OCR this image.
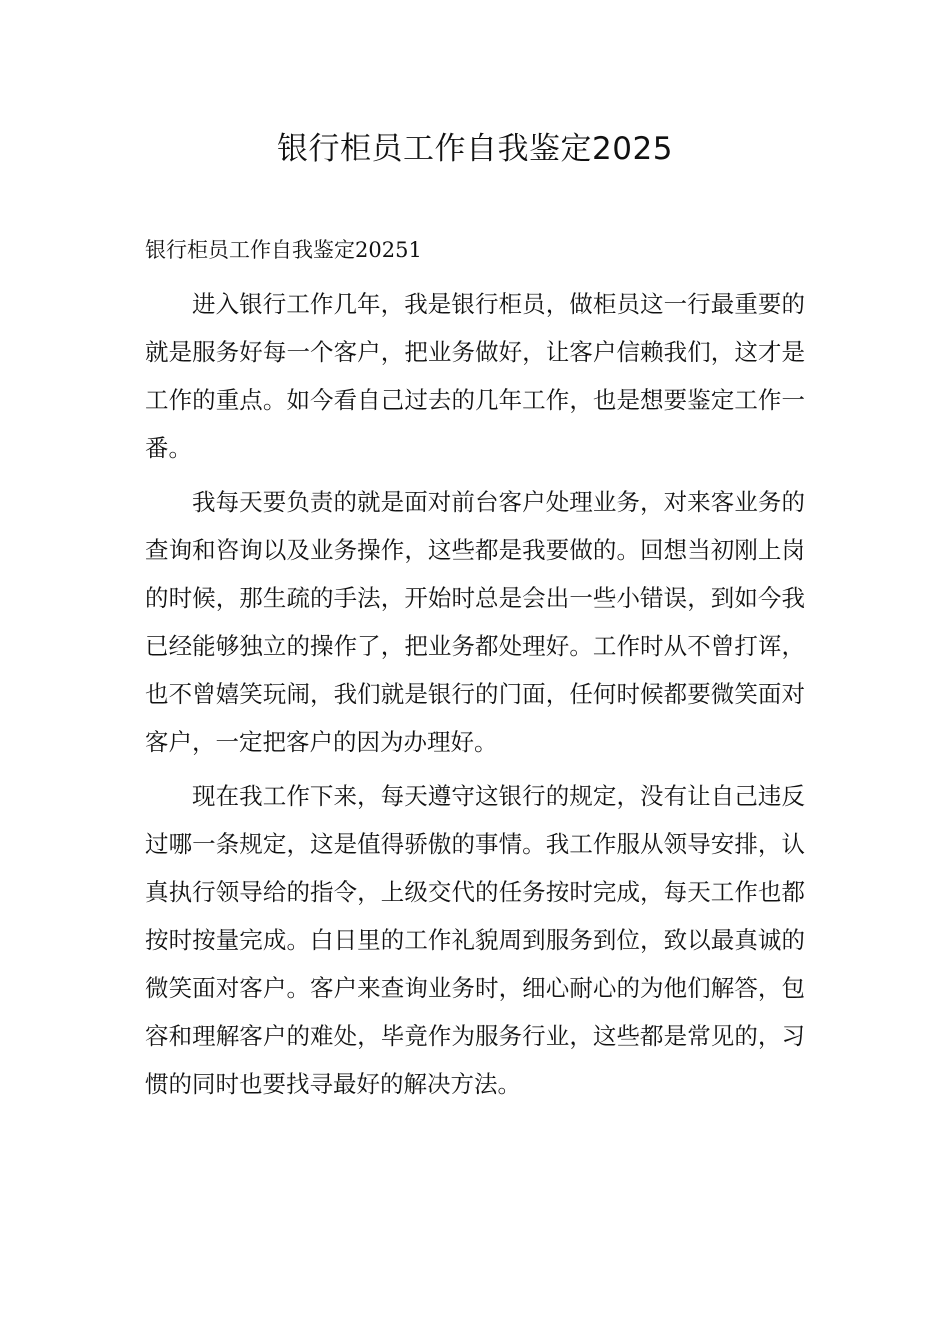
银行柜员工作自我鉴定2025

银行柜员工作自我鉴定20251

进入银行工作几年，我是银行柜员，做柜员这一行最重要的就是服务好每一个客户，把业务做好，让客户信赖我们，这才是工作的重点。如今看自己过去的几年工作，也是想要鉴定工作一番。

我每天要负责的就是面对前台客户处理业务，对来客业务的查询和咨询以及业务操作，这些都是我要做的。回想当初刚上岗的时候，那生疏的手法，开始时总是会出一些小错误，到如今我已经能够独立的操作了，把业务都处理好。工作时从不曾打诨，也不曾嬉笑玩闹，我们就是银行的门面，任何时候都要微笑面对客户，一定把客户的因为办理好。

现在我工作下来，每天遵守这银行的规定，没有让自己违反过哪一条规定，这是值得骄傲的事情。我工作服从领导安排，认真执行领导给的指令，上级交代的任务按时完成，每天工作也都按时按量完成。白日里的工作礼貌周到服务到位，致以最真诚的微笑面对客户。客户来查询业务时，细心耐心的为他们解答，包容和理解客户的难处，毕竟作为服务行业，这些都是常见的，习惯的同时也要找寻最好的解决方法。
